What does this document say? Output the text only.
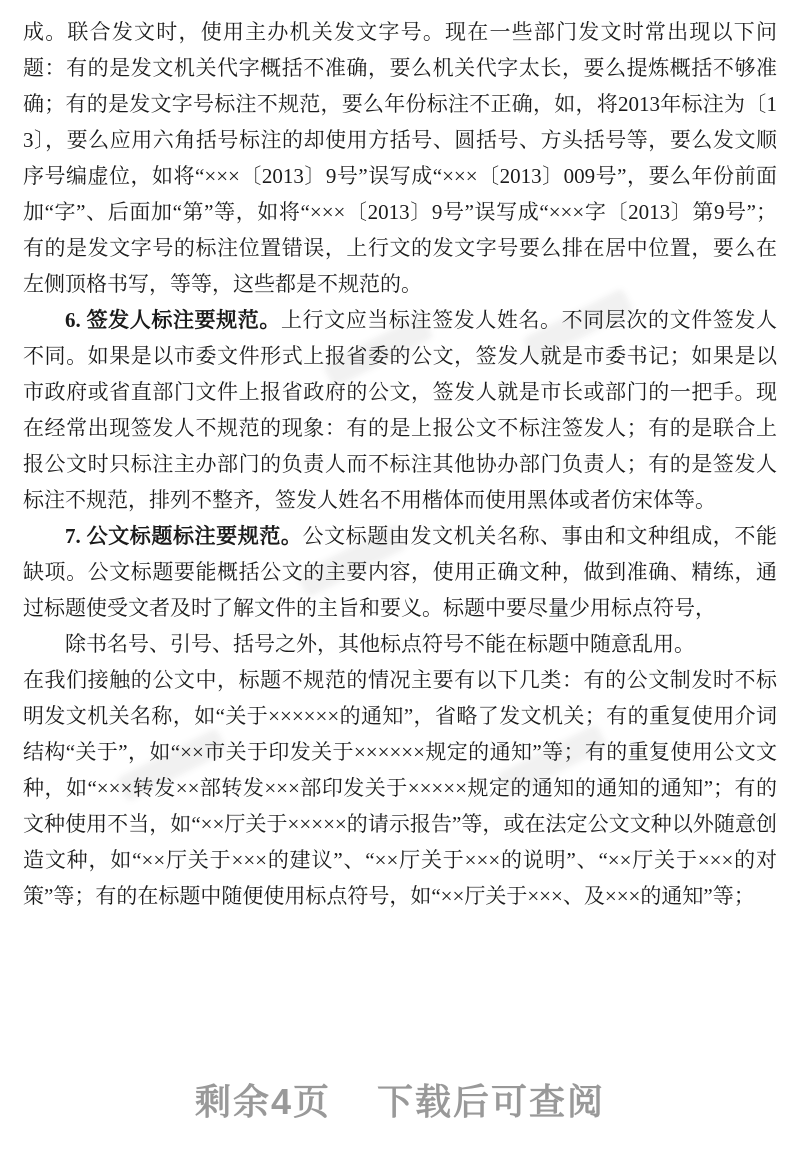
成。联合发文时，使用主办机关发文字号。现在一些部门发文时常出现以下问题：有的是发文机关代字概括不准确，要么机关代字太长，要么提炼概括不够准确；有的是发文字号标注不规范，要么年份标注不正确，如，将2013年标注为〔13〕，要么应用六角括号标注的却使用方括号、圆括号、方头括号等，要么发文顺序号编虚位，如将“×××〔2013〕9号”误写成“×××〔2013〕009号”，要么年份前面加“字”、后面加“第”等，如将“×××〔2013〕9号”误写成“×××字〔2013〕第9号”；有的是发文字号的标注位置错误，上行文的发文字号要么排在居中位置，要么在左侧顶格书写，等等，这些都是不规范的。

6. 签发人标注要规范。上行文应当标注签发人姓名。不同层次的文件签发人不同。如果是以市委文件形式上报省委的公文，签发人就是市委书记；如果是以市政府或省直部门文件上报省政府的公文，签发人就是市长或部门的一把手。现在经常出现签发人不规范的现象：有的是上报公文不标注签发人；有的是联合上报公文时只标注主办部门的负责人而不标注其他协办部门负责人；有的是签发人标注不规范，排列不整齐，签发人姓名不用楷体而使用黑体或者仿宋体等。

7. 公文标题标注要规范。公文标题由发文机关名称、事由和文种组成，不能缺项。公文标题要能概括公文的主要内容，使用正确文种，做到准确、精练，通过标题使受文者及时了解文件的主旨和要义。标题中要尽量少用标点符号，

除书名号、引号、括号之外，其他标点符号不能在标题中随意乱用。

在我们接触的公文中，标题不规范的情况主要有以下几类：有的公文制发时不标明发文机关名称，如“关于××××××的通知”，省略了发文机关；有的重复使用介词结构“关于”，如“××市关于印发关于××××××规定的通知”等；有的重复使用公文文种，如“×××转发××部转发×××部印发关于×××××规定的通知的通知的通知”；有的文种使用不当，如“××厅关于×××××的请示报告”等，或在法定公文文种以外随意创造文种，如“××厅关于×××的建议”、“××厅关于×××的说明”、“××厅关于×××的对策”等；有的在标题中随便使用标点符号，如“××厅关于×××、及×××的通知”等；

剩余4页 下载后可查阅
